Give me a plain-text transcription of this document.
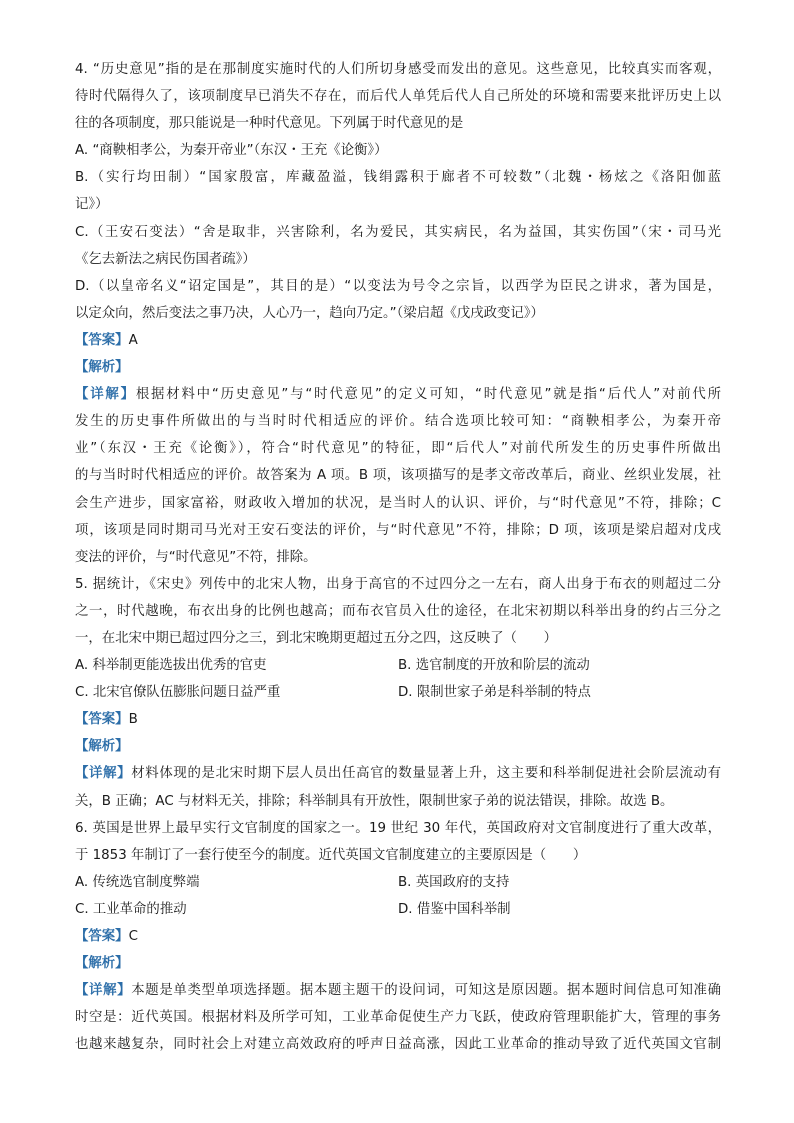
4. “历史意见”指的是在那制度实施时代的人们所切身感受而发出的意见。这些意见，比较真实而客观，
待时代隔得久了，该项制度早已消失不存在，而后代人单凭后代人自己所处的环境和需要来批评历史上以
往的各项制度，那只能说是一种时代意见。下列属于时代意见的是
A. “商鞅相孝公，为秦开帝业”（东汉・王充《论衡》）
B.（实行均田制）“国家殷富，库藏盈溢，钱绢露积于廊者不可较数”（北魏・杨炫之《洛阳伽蓝
记》）
C.（王安石变法）“舍是取非，兴害除利，名为爱民，其实病民，名为益国，其实伤国”（宋・司马光
《乞去新法之病民伤国者疏》）
D.（以皇帝名义“诏定国是”，其目的是）“以变法为号令之宗旨，以西学为臣民之讲求，著为国是，
以定众向，然后变法之事乃决，人心乃一，趋向乃定。”（梁启超《戊戌政变记》）
【答案】A
【解析】
【详解】根据材料中“历史意见”与“时代意见”的定义可知，“时代意见”就是指“后代人”对前代所
发生的历史事件所做出的与当时时代相适应的评价。结合选项比较可知：“商鞅相孝公，为秦开帝
业”（东汉・王充《论衡》），符合“时代意见”的特征，即“后代人”对前代所发生的历史事件所做出
的与当时时代相适应的评价。故答案为 A 项。B 项，该项描写的是孝文帝改革后，商业、丝织业发展，社
会生产进步，国家富裕，财政收入增加的状况，是当时人的认识、评价，与“时代意见”不符，排除；C
项，该项是同时期司马光对王安石变法的评价，与“时代意见”不符，排除；D 项，该项是梁启超对戊戌
变法的评价，与“时代意见”不符，排除。
5. 据统计，《宋史》列传中的北宋人物，出身于高官的不过四分之一左右，商人出身于布衣的则超过二分
之一，时代越晚，布衣出身的比例也越高；而布衣官员入仕的途径，在北宋初期以科举出身的约占三分之
一，在北宋中期已超过四分之三，到北宋晚期更超过五分之四，这反映了（　　）
A. 科举制更能选拔出优秀的官吏	B. 选官制度的开放和阶层的流动
C. 北宋官僚队伍膨胀问题日益严重	D. 限制世家子弟是科举制的特点
【答案】B
【解析】
【详解】材料体现的是北宋时期下层人员出任高官的数量显著上升，这主要和科举制促进社会阶层流动有
关，B 正确；AC 与材料无关，排除；科举制具有开放性，限制世家子弟的说法错误，排除。故选 B。
6. 英国是世界上最早实行文官制度的国家之一。19 世纪 30 年代，英国政府对文官制度进行了重大改革，
于 1853 年制订了一套行使至今的制度。近代英国文官制度建立的主要原因是（　　）
A. 传统选官制度弊端	B. 英国政府的支持
C. 工业革命的推动	D. 借鉴中国科举制
【答案】C
【解析】
【详解】本题是单类型单项选择题。据本题主题干的设问词，可知这是原因题。据本题时间信息可知准确
时空是：近代英国。根据材料及所学可知，工业革命促使生产力飞跃，使政府管理职能扩大，管理的事务
也越来越复杂，同时社会上对建立高效政府的呼声日益高涨，因此工业革命的推动导致了近代英国文官制
